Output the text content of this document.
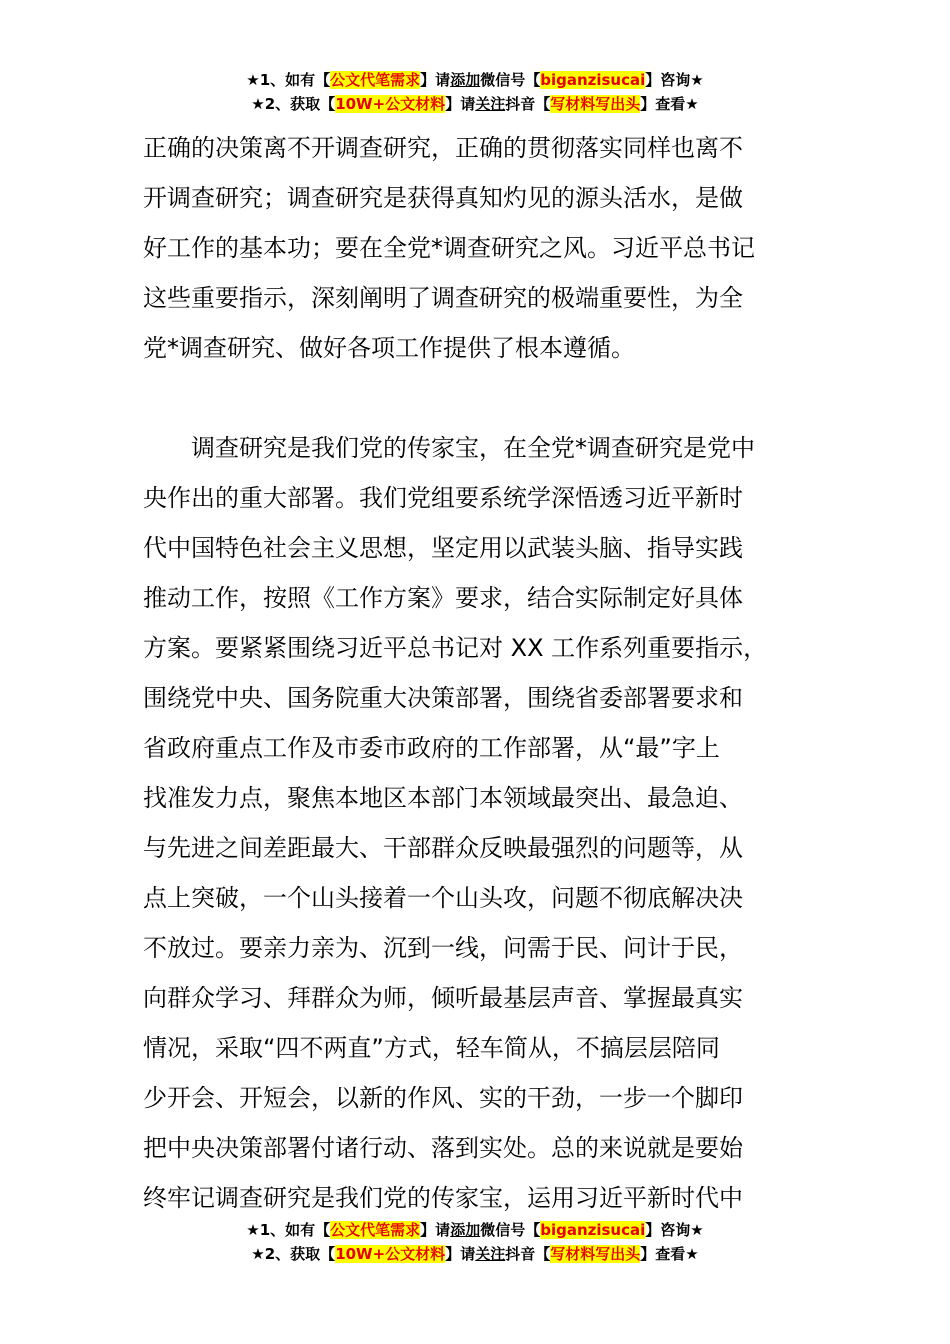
★1、如有【公文代笔需求】请添加微信号【biganzisucai】咨询★
★2、获取【10W+公文材料】请关注抖音【写材料写出头】查看★
正确的决策离不开调查研究，正确的贯彻落实同样也离不
开调查研究；调查研究是获得真知灼见的源头活水，是做
好工作的基本功；要在全党*调查研究之风。习近平总书记
这些重要指示，深刻阐明了调查研究的极端重要性，为全
党*调查研究、做好各项工作提供了根本遵循。
　　调查研究是我们党的传家宝，在全党*调查研究是党中
央作出的重大部署。我们党组要系统学深悟透习近平新时
代中国特色社会主义思想，坚定用以武装头脑、指导实践
推动工作，按照《工作方案》要求，结合实际制定好具体
方案。要紧紧围绕习近平总书记对 XX 工作系列重要指示，
围绕党中央、国务院重大决策部署，围绕省委部署要求和
省政府重点工作及市委市政府的工作部署，从“最”字上
找准发力点，聚焦本地区本部门本领域最突出、最急迫、
与先进之间差距最大、干部群众反映最强烈的问题等，从
点上突破，一个山头接着一个山头攻，问题不彻底解决决
不放过。要亲力亲为、沉到一线，问需于民、问计于民，
向群众学习、拜群众为师，倾听最基层声音、掌握最真实
情况，采取“四不两直”方式，轻车简从，不搞层层陪同
少开会、开短会，以新的作风、实的干劲，一步一个脚印
把中央决策部署付诸行动、落到实处。总的来说就是要始
终牢记调查研究是我们党的传家宝，运用习近平新时代中
★1、如有【公文代笔需求】请添加微信号【biganzisucai】咨询★
★2、获取【10W+公文材料】请关注抖音【写材料写出头】查看★
